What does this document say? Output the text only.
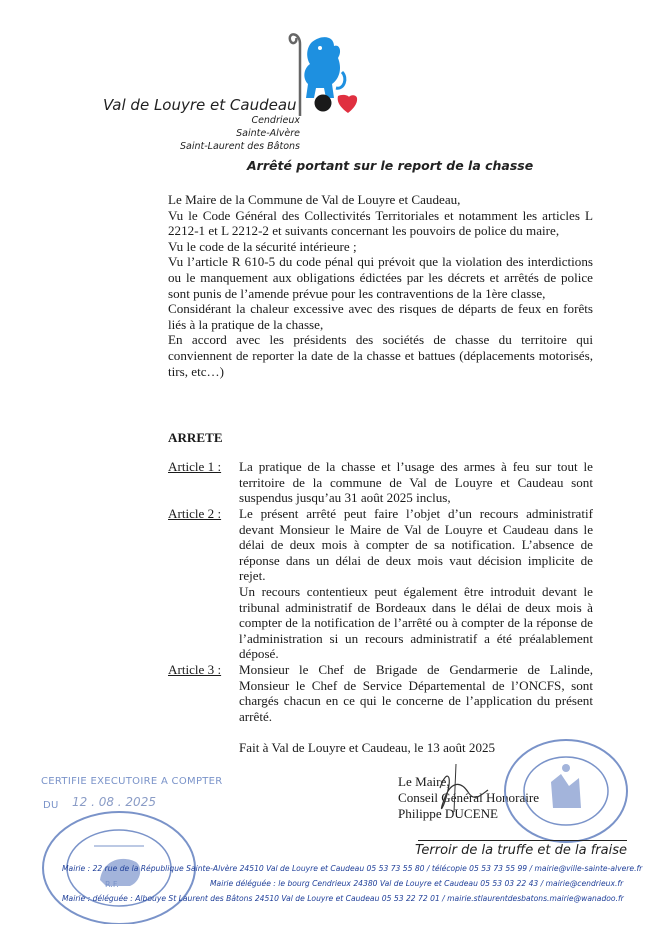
Val de Louyre et Caudeau
Cendrieux
Sainte-Alvère
Saint-Laurent des Bâtons
Arrêté portant sur le report de la chasse

Le Maire de la Commune de Val de Louyre et Caudeau,

Vu le Code Général des Collectivités Territoriales et notamment les articles L 2212-1 et L 2212-2 et suivants concernant les pouvoirs de police du maire,

Vu le code de la sécurité intérieure ;

Vu l’article R 610-5 du code pénal qui prévoit que la violation des interdictions ou le manquement aux obligations édictées par les décrets et arrêtés de police sont punis de l’amende prévue pour les contraventions de la 1ère classe,

Considérant la chaleur excessive avec des risques de départs de feux en forêts liés à la pratique de la chasse,

En accord avec les présidents des sociétés de chasse du territoire qui conviennent de reporter la date de la chasse et battues (déplacements motorisés, tirs, etc…)

ARRETE
Article 1 : La pratique de la chasse et l’usage des armes à feu sur tout le territoire de la commune de Val de Louyre et Caudeau sont suspendus jusqu’au 31 août 2025 inclus,
Article 2 : Le présent arrêté peut faire l’objet d’un recours administratif devant Monsieur le Maire de Val de Louyre et Caudeau dans le délai de deux mois à compter de sa notification. L’absence de réponse dans un délai de deux mois vaut décision implicite de rejet.
Un recours contentieux peut également être introduit devant le tribunal administratif de Bordeaux dans le délai de deux mois à compter de la notification de l’arrêté ou à compter de la réponse de l’administration si un recours administratif a été préalablement déposé.
Article 3 : Monsieur le Chef de Brigade de Gendarmerie de Lalinde, Monsieur le Chef de Service Départemental de l’ONCFS, sont chargés chacun en ce qui le concerne de l’application du présent arrêté.
Fait à Val de Louyre et Caudeau, le 13 août 2025
Le Maire,
Conseil Général Honoraire
Philippe DUCENE
CERTIFIE EXECUTOIRE A COMPTER
DU 12 . 08 . 2025
R.F.
Terroir de la truffe et de la fraise
Mairie : 22 rue de la République Sainte-Alvère 24510 Val de Louyre et Caudeau 05 53 73 55 80 / télécopie 05 53 73 55 99 / mairie@ville-sainte-alvere.fr
Mairie déléguée : le bourg Cendrieux 24380 Val de Louyre et Caudeau 05 53 03 22 43 / mairie@cendrieux.fr
Mairie : déléguée : Albouye St Laurent des Bâtons 24510 Val de Louyre et Caudeau 05 53 22 72 01 / mairie.stlaurentdesbatons.mairie@wanadoo.fr
